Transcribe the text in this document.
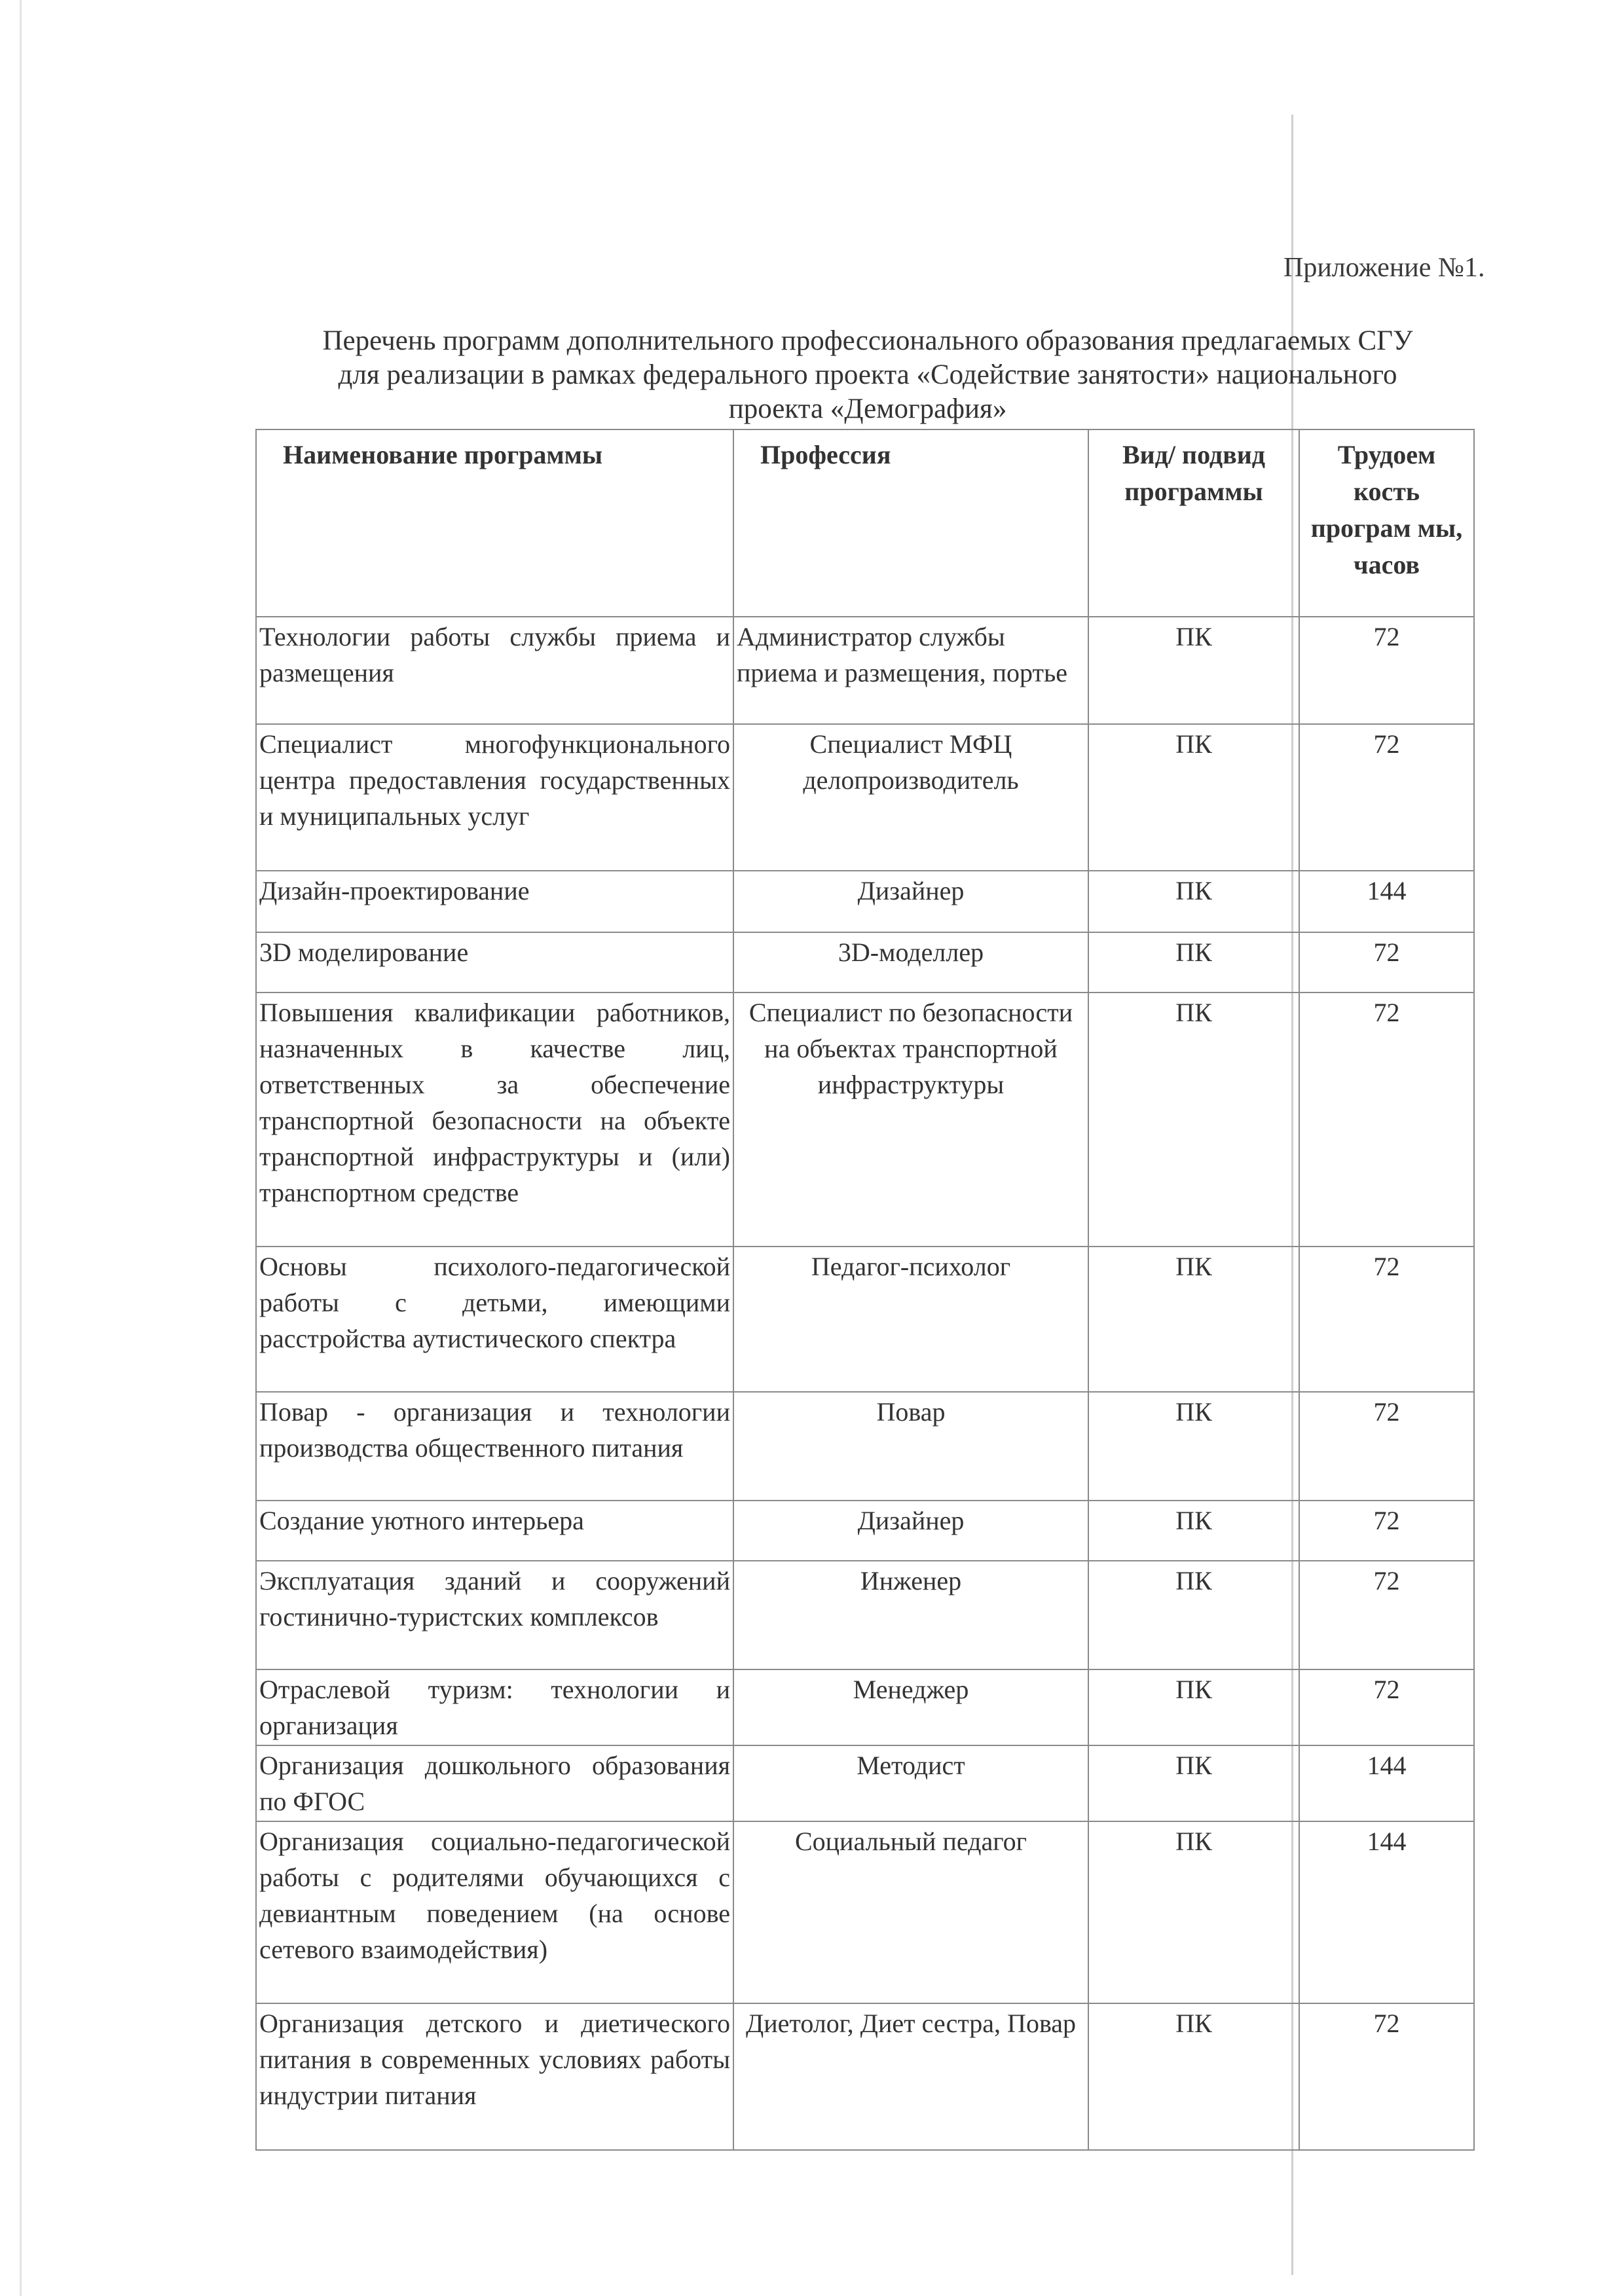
Приложение №1.
Перечень программ дополнительного профессионального образования предлагаемых СГУ
для реализации в рамках федерального проекта «Содействие занятости» национального
проекта «Демография»
Наименование программы	Профессия	Вид/ подвид программы	Трудоем кость програм мы, часов
Технологии работы службы приема и размещения	Администратор службы приема и размещения, портье	ПК	72
Специалист многофункционального центра предоставления государственных и муниципальных услуг	Специалист МФЦ делопроизводитель	ПК	72
Дизайн-проектирование	Дизайнер	ПК	144
3D моделирование	3D-моделлер	ПК	72
Повышения квалификации работников, назначенных в качестве лиц, ответственных за обеспечение транспортной безопасности на объекте транспортной инфраструктуры и (или) транспортном средстве	Специалист по безопасности на объектах транспортной инфраструктуры	ПК	72
Основы психолого-педагогической работы с детьми, имеющими расстройства аутистического спектра	Педагог-психолог	ПК	72
Повар - организация и технологии производства общественного питания	Повар	ПК	72
Создание уютного интерьера	Дизайнер	ПК	72
Эксплуатация зданий и сооружений гостинично-туристских комплексов	Инженер	ПК	72
Отраслевой туризм: технологии и организация	Менеджер	ПК	72
Организация дошкольного образования по ФГОС	Методист	ПК	144
Организация социально-педагогической работы с родителями обучающихся с девиантным поведением (на основе сетевого взаимодействия)	Социальный педагог	ПК	144
Организация детского и диетического питания в современных условиях работы индустрии питания	Диетолог, Диет сестра, Повар	ПК	72
